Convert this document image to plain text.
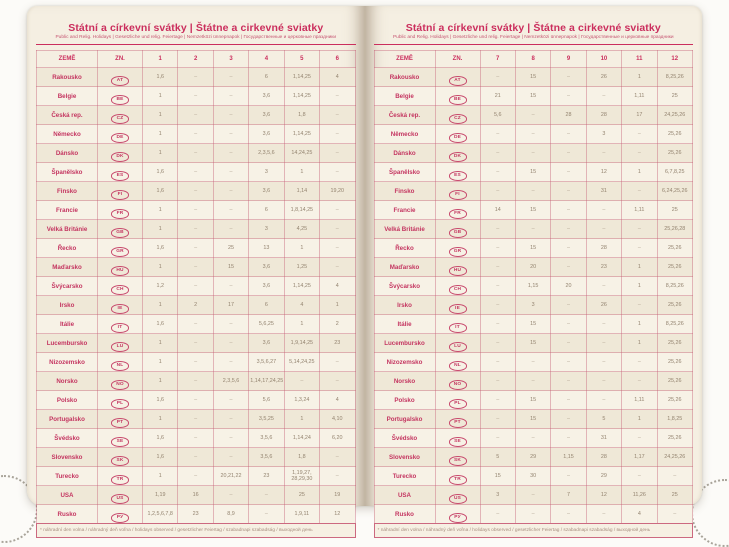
Státní a církevní svátky | Štátne a cirkevné sviatky

Public and Relig. Holidays | Gesetzliche und relig. Feiertage | Nemzetközi ünnepnapok | Государственные и церковные праздники

ZEMĚ	ZN.	1	2	3	4	5	6
Rakousko	AT	1,6	–	–	6	1,14,25	4
Belgie	BE	1	–	–	3,6	1,14,25	–
Česká rep.	CZ	1	–	–	3,6	1,8	–
Německo	DE	1	–	–	3,6	1,14,25	–
Dánsko	DK	1	–	–	2,3,5,6	14,24,25	–
Španělsko	ES	1,6	–	–	3	1	–
Finsko	FI	1,6	–	–	3,6	1,14	19,20
Francie	FR	1	–	–	6	1,8,14,25	–
Velká Británie	GB	1	–	–	3	4,25	–
Řecko	GR	1,6	–	25	13	1	–
Maďarsko	HU	1	–	15	3,6	1,25	–
Švýcarsko	CH	1,2	–	–	3,6	1,14,25	4
Irsko	IE	1	2	17	6	4	1
Itálie	IT	1,6	–	–	5,6,25	1	2
Lucembursko	LU	1	–	–	3,6	1,9,14,25	23
Nizozemsko	NL	1	–	–	3,5,6,27	5,14,24,25	–
Norsko	NO	1	–	2,3,5,6	1,14,17,24,25	–	–
Polsko	PL	1,6	–	–	5,6	1,3,24	4
Portugalsko	PT	1	–	–	3,5,25	1	4,10
Švédsko	SE	1,6	–	–	3,5,6	1,14,24	6,20
Slovensko	SK	1,6	–	–	3,5,6	1,8	–
Turecko	TR	1	–	20,21,22	23	1,19,27, 28,29,30	–
USA	US	1,19	16	–	–	25	19
Rusko	РУ	1,2,5,6,7,8	23	8,9	–	1,9,11	12
* náhradní den volna / náhradný deň voľna / holidays observed / gesetzlicher Feiertag / szabadnapi szabadság / выходной день
Státní a církevní svátky | Štátne a cirkevné sviatky

Public and Relig. Holidays | Gesetzliche und relig. Feiertage | Nemzetközi ünnepnapok | Государственные и церковные праздники

ZEMĚ	ZN.	7	8	9	10	11	12
Rakousko	AT	–	15	–	26	1	8,25,26
Belgie	BE	21	15	–	–	1,11	25
Česká rep.	CZ	5,6	–	28	28	17	24,25,26
Německo	DE	–	–	–	3	–	25,26
Dánsko	DK	–	–	–	–	–	25,26
Španělsko	ES	–	15	–	12	1	6,7,8,25
Finsko	FI	–	–	–	31	–	6,24,25,26
Francie	FR	14	15	–	–	1,11	25
Velká Británie	GB	–	–	–	–	–	25,26,28
Řecko	GR	–	15	–	28	–	25,26
Maďarsko	HU	–	20	–	23	1	25,26
Švýcarsko	CH	–	1,15	20	–	1	8,25,26
Irsko	IE	–	3	–	26	–	25,26
Itálie	IT	–	15	–	–	1	8,25,26
Lucembursko	LU	–	15	–	–	1	25,26
Nizozemsko	NL	–	–	–	–	–	25,26
Norsko	NO	–	–	–	–	–	25,26
Polsko	PL	–	15	–	–	1,11	25,26
Portugalsko	PT	–	15	–	5	1	1,8,25
Švédsko	SE	–	–	–	31	–	25,26
Slovensko	SK	5	29	1,15	28	1,17	24,25,26
Turecko	TR	15	30	–	29	–	–
USA	US	3	–	7	12	11,26	25
Rusko	РУ	–	–	–	–	4	–
* náhradní den volna / náhradný deň voľna / holidays observed / gesetzlicher Feiertag / szabadnapi szabadság / выходной день
